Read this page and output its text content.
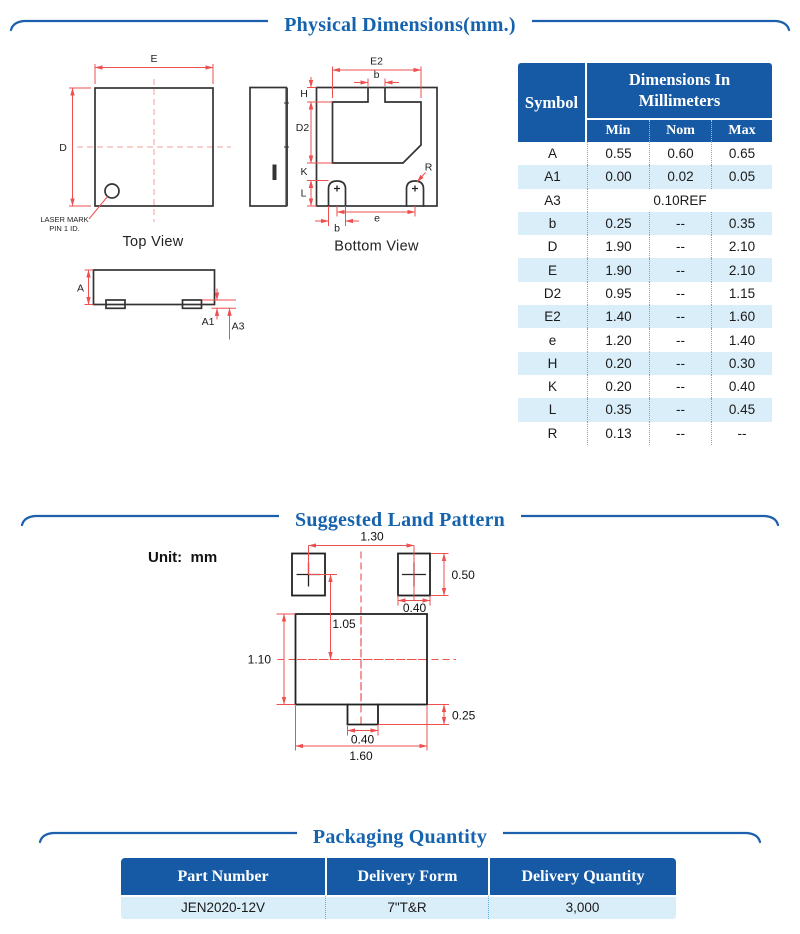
Physical Dimensions(mm.)
E
D
LASER MARK
PIN 1 ID.
Top View
E2
b
H
D2
K
L
R
e
b
Bottom View
A
A1 A3
Symbol	Dimensions In Millimeters		
	Min	Nom	Max
A	0.55	0.60	0.65
A1	0.00	0.02	0.05
A3	0.10REF		
b	0.25	--	0.35
D	1.90	--	2.10
E	1.90	--	2.10
D2	0.95	--	1.15
E2	1.40	--	1.60
e	1.20	--	1.40
H	0.20	--	0.30
K	0.20	--	0.40
L	0.35	--	0.45
R	0.13	--	--
Suggested Land Pattern
Unit:  mm
1.30
0.50
0.40
1.10
1.05
0.25
0.40
1.60
Packaging Quantity
Part Number	Delivery Form	Delivery Quantity
JEN2020-12V	7"T&R	3,000
